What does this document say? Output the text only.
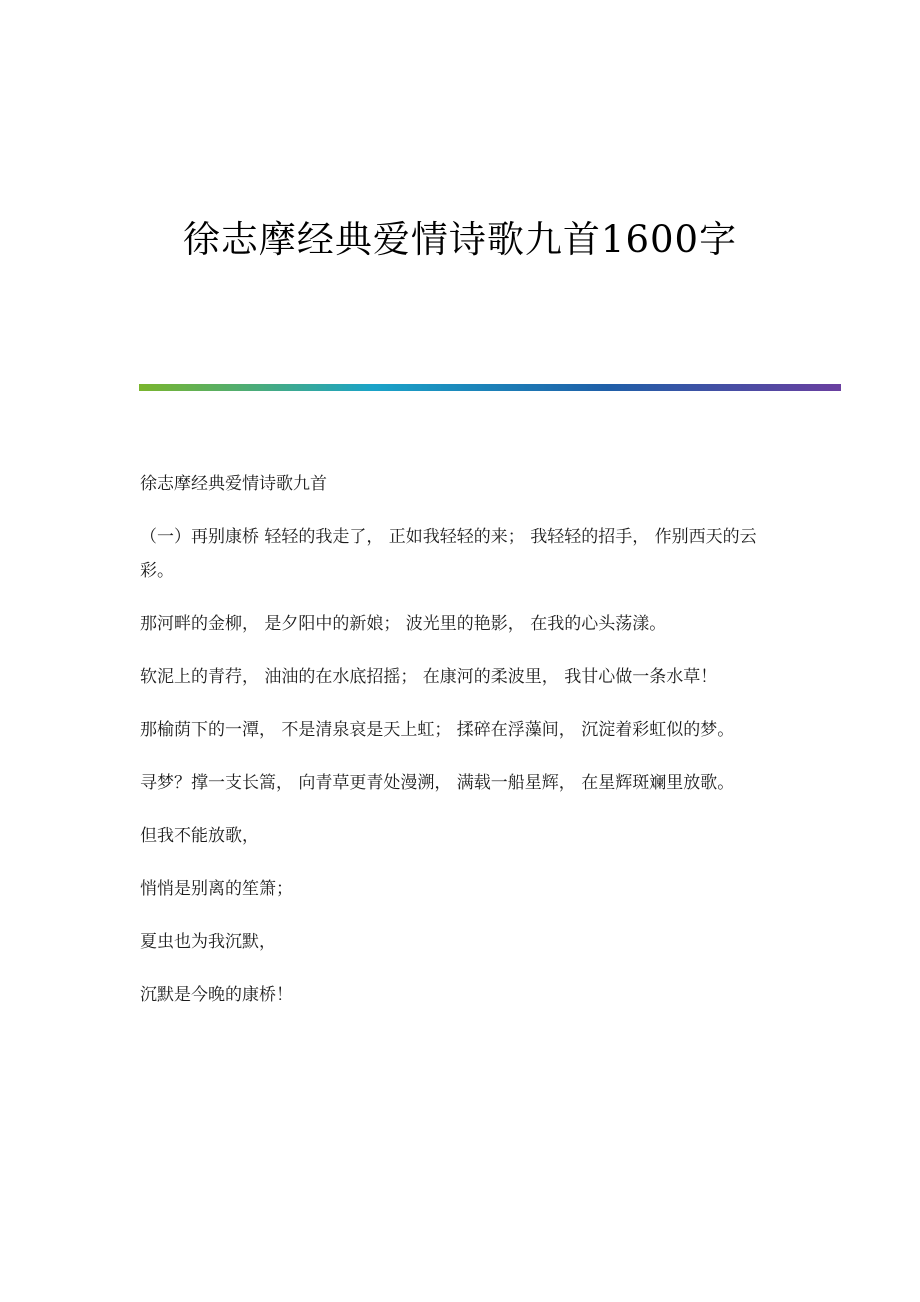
徐志摩经典爱情诗歌九首1600字

徐志摩经典爱情诗歌九首

（一）再别康桥 轻轻的我走了， 正如我轻轻的来； 我轻轻的招手， 作别西天的云彩。

那河畔的金柳， 是夕阳中的新娘； 波光里的艳影， 在我的心头荡漾。

软泥上的青荇， 油油的在水底招摇； 在康河的柔波里， 我甘心做一条水草！

那榆荫下的一潭， 不是清泉哀是天上虹； 揉碎在浮藻间， 沉淀着彩虹似的梦。

寻梦？撑一支长篙， 向青草更青处漫溯， 满载一船星辉， 在星辉斑斓里放歌。

但我不能放歌，

悄悄是别离的笙箫；

夏虫也为我沉默，

沉默是今晚的康桥！
